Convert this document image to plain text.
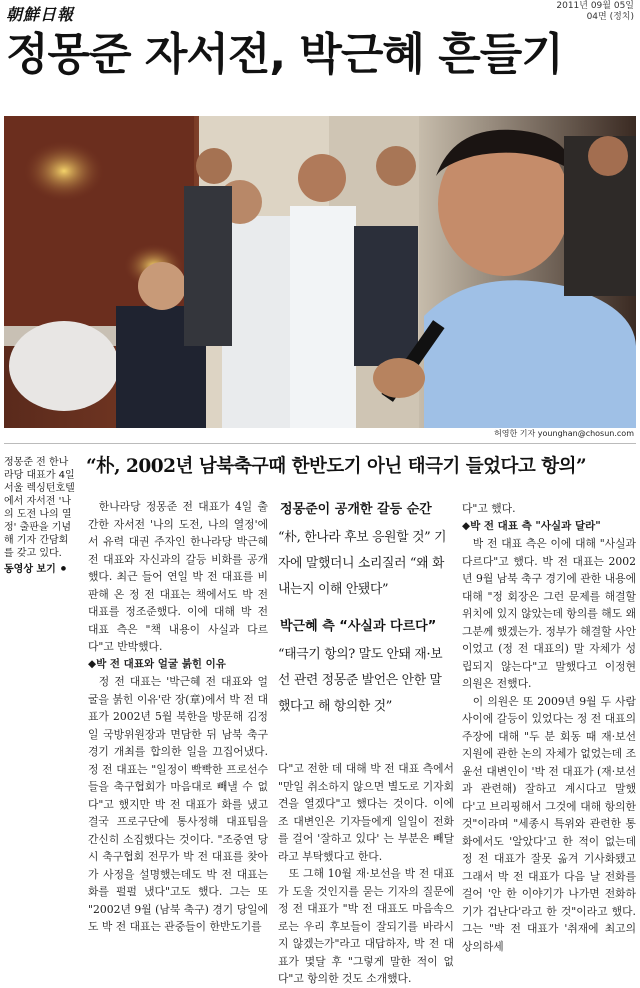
朝鮮日報	2011년 09월 05일
04면 (정치)
정몽준 자서전, 박근혜 흔들기
허영한 기자 younghan@chosun.com
정몽준 전 한나라당 대표가 4일 서울 렉싱턴호텔에서 자서전 '나의 도전 나의 열정' 출판을 기념해 기자 간담회를 갖고 있다.
동영상 보기 ⚫
“朴, 2002년 남북축구때 한반도기 아닌 태극기 들었다고 항의”

한나라당 정몽준 전 대표가 4일 출간한 자서전 '나의 도전, 나의 열정'에서 유력 대권 주자인 한나라당 박근혜 전 대표와 자신과의 갈등 비화를 공개했다. 최근 들어 연일 박 전 대표를 비판해 온 정 전 대표는 책에서도 박 전 대표를 정조준했다. 이에 대해 박 전 대표 측은 "책 내용이 사실과 다르다"고 반박했다.

◆박 전 대표와 얼굴 붉힌 이유

정 전 대표는 '박근혜 전 대표와 얼굴을 붉힌 이유'란 장(章)에서 박 전 대표가 2002년 5월 북한을 방문해 김정일 국방위원장과 면담한 뒤 남북 축구 경기 개최를 합의한 일을 끄집어냈다. 정 전 대표는 "일정이 빡빡한 프로선수들을 축구협회가 마음대로 빼낼 수 없다"고 했지만 박 전 대표가 화를 냈고 결국 프로구단에 통사정해 대표팀을 간신히 소집했다는 것이다. "조중연 당시 축구협회 전무가 박 전 대표를 찾아가 사정을 설명했는데도 박 전 대표는 화를 펄펄 냈다"고도 했다. 그는 또 "2002년 9월 (남북 축구) 경기 당일에도 박 전 대표는 관중들이 한반도기를

정몽준이 공개한 갈등 순간

“朴, 한나라 후보 응원할 것” 기자에 말했더니 소리질러 “왜 화내는지 이해 안됐다”

박근혜 측 “사실과 다르다”

“태극기 항의? 말도 안돼 재·보선 관련 정몽준 발언은 안한 말 했다고 해 항의한 것”

다"고 전한 데 대해 박 전 대표 측에서 "만일 취소하지 않으면 별도로 기자회견을 열겠다"고 했다는 것이다. 이에 조 대변인은 기자들에게 일일이 전화를 걸어 '잘하고 있다' 는 부분은 빼달라고 부탁했다고 한다.

또 그해 10월 재·보선을 박 전 대표가 도울 것인지를 묻는 기자의 질문에 정 전 대표가 "박 전 대표도 마음속으로는 우리 후보들이 잘되기를 바라시지 않겠는가"라고 대답하자, 박 전 대표가 몇달 후 "그렇게 말한 적이 없다"고 항의한 것도 소개했다.

다"고 했다.

◆박 전 대표 측 "사실과 달라"

박 전 대표 측은 이에 대해 "사실과 다르다"고 했다. 박 전 대표는 2002년 9월 남북 축구 경기에 관한 내용에 대해 "정 회장은 그런 문제를 해결할 위치에 있지 않았는데 항의를 해도 왜 그분께 했겠는가. 정부가 해결할 사안이었고 (정 전 대표의) 말 자체가 성립되지 않는다"고 말했다고 이정현 의원은 전했다.

이 의원은 또 2009년 9월 두 사람 사이에 갈등이 있었다는 정 전 대표의 주장에 대해 "두 분 회동 때 재·보선 지원에 관한 논의 자체가 없었는데 조윤선 대변인이 '박 전 대표가 (재·보선과 관련해) 잘하고 계시다고 말했다'고 브리핑해서 그것에 대해 항의한 것"이라며 "세종시 특위와 관련한 통화에서도 '알았다'고 한 적이 없는데 정 전 대표가 잘못 옮겨 기사화됐고 그래서 박 전 대표가 다음 날 전화를 걸어 '안 한 이야기가 나가면 전화하기가 겁난다'라고 한 것"이라고 했다. 그는 "박 전 대표가 '취재에 최고의 상의하세
